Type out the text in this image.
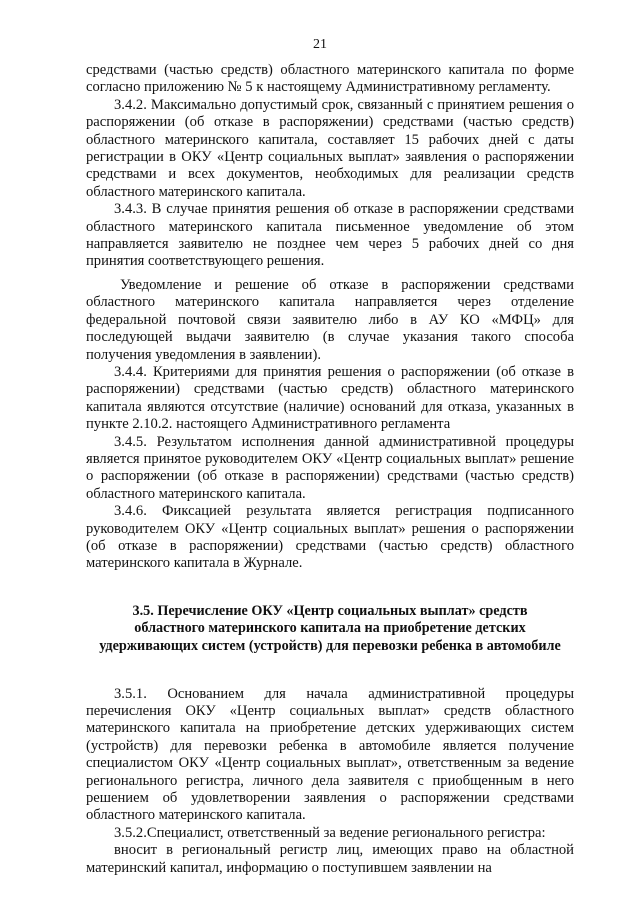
21

средствами (частью средств) областного материнского капитала по форме согласно приложению № 5 к настоящему Административному регламенту.

3.4.2. Максимально допустимый срок, связанный с принятием решения о распоряжении (об отказе в распоряжении) средствами (частью средств) областного материнского капитала, составляет 15 рабочих дней с даты регистрации в ОКУ «Центр социальных выплат» заявления о распоряжении средствами и всех документов, необходимых для реализации средств областного материнского капитала.

3.4.3. В случае принятия решения об отказе в распоряжении средствами областного материнского капитала письменное уведомление об этом направляется заявителю не позднее чем через 5 рабочих дней со дня принятия соответствующего решения.

Уведомление и решение об отказе в распоряжении средствами областного материнского капитала направляется через отделение федеральной почтовой связи заявителю либо в АУ КО «МФЦ» для последующей выдачи заявителю (в случае указания такого способа получения уведомления в заявлении).

3.4.4. Критериями для принятия решения о распоряжении (об отказе в распоряжении) средствами (частью средств) областного материнского капитала являются отсутствие (наличие) оснований для отказа, указанных в пункте 2.10.2. настоящего Административного регламента

3.4.5. Результатом исполнения данной административной процедуры является принятое руководителем ОКУ «Центр социальных выплат» решение о распоряжении (об отказе в распоряжении) средствами (частью средств) областного материнского капитала.

3.4.6. Фиксацией результата является регистрация подписанного руководителем ОКУ «Центр социальных выплат» решения о распоряжении (об отказе в распоряжении) средствами (частью средств) областного материнского капитала в Журнале.

3.5. Перечисление ОКУ «Центр социальных выплат» средств областного материнского капитала на приобретение детских удерживающих систем (устройств) для перевозки ребенка в автомобиле

3.5.1. Основанием для начала административной процедуры перечисления ОКУ «Центр социальных выплат» средств областного материнского капитала на приобретение детских удерживающих систем (устройств) для перевозки ребенка в автомобиле является получение специалистом ОКУ «Центр социальных выплат», ответственным за ведение регионального регистра, личного дела заявителя с приобщенным в него решением об удовлетворении заявления о распоряжении средствами областного материнского капитала.

3.5.2.Специалист, ответственный за ведение регионального регистра:

вносит в региональный регистр лиц, имеющих право на областной материнский капитал, информацию о поступившем заявлении на
